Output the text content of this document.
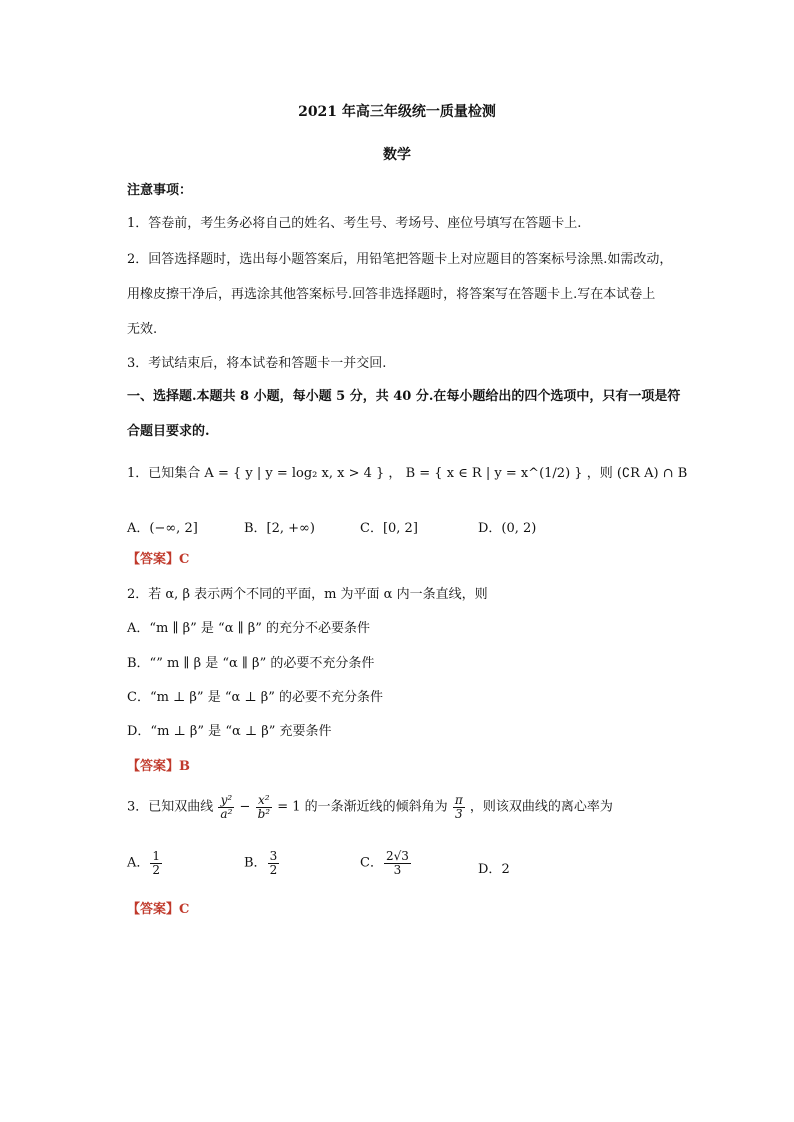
2021 年高三年级统一质量检测
数学
注意事项：
1．答卷前，考生务必将自己的姓名、考生号、考场号、座位号填写在答题卡上.
2．回答选择题时，选出每小题答案后，用铅笔把答题卡上对应题目的答案标号涂黑.如需改动，
用橡皮擦干净后，再选涂其他答案标号.回答非选择题时，将答案写在答题卡上.写在本试卷上
无效.
3．考试结束后，将本试卷和答题卡一并交回.
一、选择题.本题共 8 小题，每小题 5 分，共 40 分.在每小题给出的四个选项中，只有一项是符
合题目要求的.
1．已知集合 A = { y | y = log₂ x, x > 4 } ， B = { x ∈ R | y = x^(1/2) } ，则 (∁R A) ∩ B
A．(−∞, 2]	B．[2, +∞)	C．[0, 2]	D．(0, 2)
【答案】C
2．若 α, β 表示两个不同的平面，m 为平面 α 内一条直线，则
A．“m ∥ β” 是 “α ∥ β” 的充分不必要条件
B．“” m ∥ β 是 “α ∥ β” 的必要不充分条件
C．“m ⊥ β” 是 “α ⊥ β” 的必要不充分条件
D．“m ⊥ β” 是 “α ⊥ β” 充要条件
【答案】B
3．已知双曲线 $\frac{\text{y²}}{\text{a²}} - \frac{\text{x²}}{\text{b²}} = 1$ 的一条渐近线的倾斜角为 $\frac{\pi}{3}$ ，则该双曲线的离心率为
A． $\frac{1}{2}$	B． $\frac{3}{2}$	C． $\frac{2√3}{3}$	D．2
【答案】C
